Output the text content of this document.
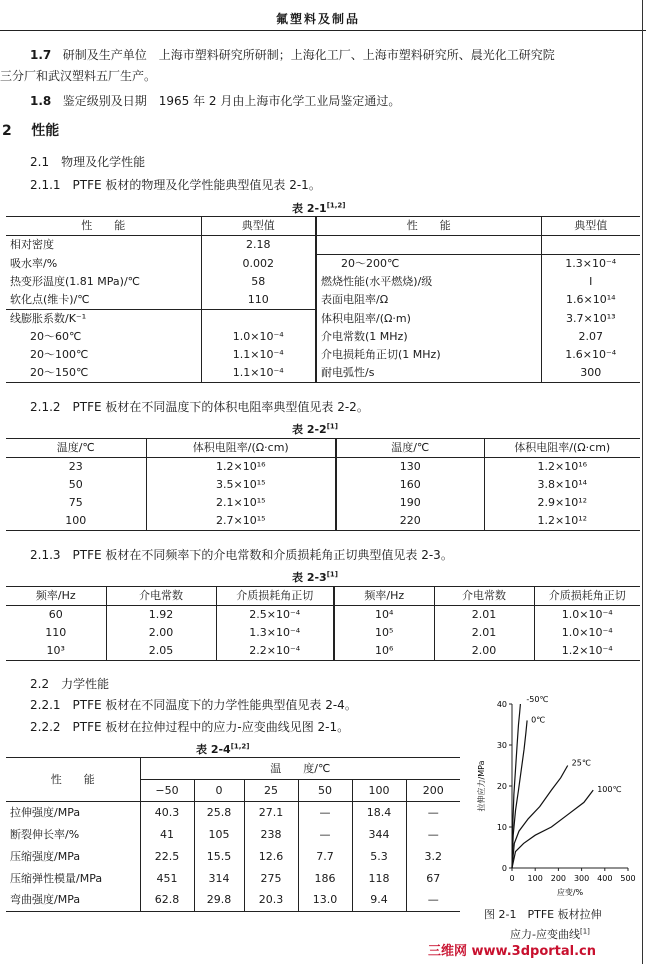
氟塑料及制品
1.7 研制及生产单位　上海市塑料研究所研制；上海化工厂、上海市塑料研究所、晨光化工研究院
三分厂和武汉塑料五厂生产。
1.8 鉴定级别及日期　1965 年 2 月由上海市化学工业局鉴定通过。
2 性能
2.1　物理及化学性能
2.1.1　PTFE 板材的物理及化学性能典型值见表 2-1。
表 2-1[1,2]
性　　能	典型值	性　　能	典型值
相对密度	2.18		
吸水率/%	0.002	20～200℃	1.3×10⁻⁴
热变形温度(1.81 MPa)/℃	58	燃烧性能(水平燃烧)/级	I
软化点(维卡)/℃	110	表面电阻率/Ω	1.6×10¹⁴
线膨胀系数/K⁻¹		体积电阻率/(Ω·m)	3.7×10¹³
20～60℃	1.0×10⁻⁴	介电常数(1 MHz)	2.07
20～100℃	1.1×10⁻⁴	介电损耗角正切(1 MHz)	1.6×10⁻⁴
20～150℃	1.1×10⁻⁴	耐电弧性/s	300
2.1.2　PTFE 板材在不同温度下的体积电阻率典型值见表 2-2。
表 2-2[1]
温度/℃	体积电阻率/(Ω·cm)	温度/℃	体积电阻率/(Ω·cm)
23	1.2×10¹⁶	130	1.2×10¹⁶
50	3.5×10¹⁵	160	3.8×10¹⁴
75	2.1×10¹⁵	190	2.9×10¹²
100	2.7×10¹⁵	220	1.2×10¹²
2.1.3　PTFE 板材在不同频率下的介电常数和介质损耗角正切典型值见表 2-3。
表 2-3[1]
频率/Hz	介电常数	介质损耗角正切	频率/Hz	介电常数	介质损耗角正切
60	1.92	2.5×10⁻⁴	10⁴	2.01	1.0×10⁻⁴
110	2.00	1.3×10⁻⁴	10⁵	2.01	1.0×10⁻⁴
10³	2.05	2.2×10⁻⁴	10⁶	2.00	1.2×10⁻⁴
2.2　力学性能
2.2.1　PTFE 板材在不同温度下的力学性能典型值见表 2-4。
2.2.2　PTFE 板材在拉伸过程中的应力-应变曲线见图 2-1。
表 2-4[1,2]
性　　能	温　　度/℃					
	−50	0	25	50	100	200
拉伸强度/MPa	40.3	25.8	27.1	—	18.4	—
断裂伸长率/%	41	105	238	—	344	—
压缩强度/MPa	22.5	15.5	12.6	7.7	5.3	3.2
压缩弹性模量/MPa	451	314	275	186	118	67
弯曲强度/MPa	62.8	29.8	20.3	13.0	9.4	—
0 100 200 300 400 500
0
10
20
30
40
应变/%
拉伸应力/MPa
-50℃
0℃
25℃
100℃
图 2-1　PTFE 板材拉伸
应力-应变曲线[1]
三维网 www.3dportal.cn
